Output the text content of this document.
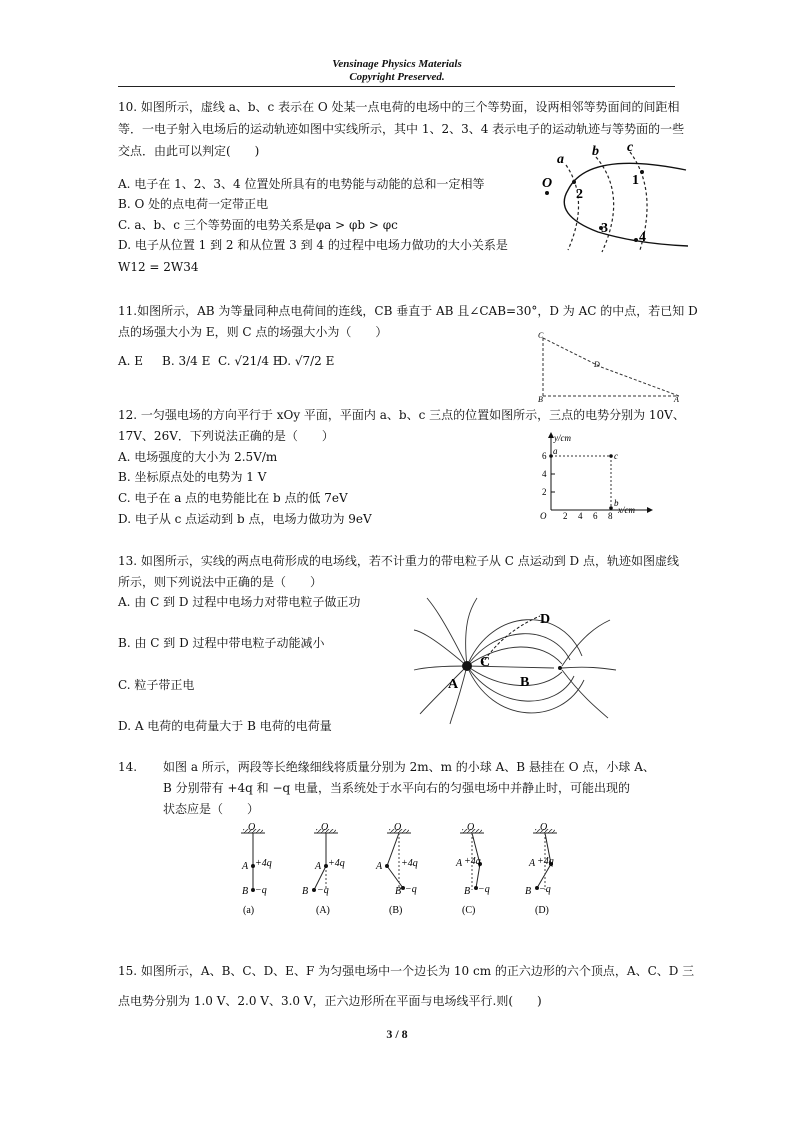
Vensinage Physics Materials
Copyright Preserved.
10. 如图所示，虚线 a、b、c 表示在 O 处某一点电荷的电场中的三个等势面，设两相邻等势面间的间距相
等．一电子射入电场后的运动轨迹如图中实线所示，其中 1、2、3、4 表示电子的运动轨迹与等势面的一些
交点．由此可以判定(　　)
A. 电子在 1、2、3、4 位置处所具有的电势能与动能的总和一定相等
B. O 处的点电荷一定带正电
C. a、b、c 三个等势面的电势关系是φa > φb > φc
D. 电子从位置 1 到 2 和从位置 3 到 4 的过程中电场力做功的大小关系是
W12 = 2W34
a
b c
O
2
1
3
4
11.如图所示，AB 为等量同种点电荷间的连线，CB 垂直于 AB 且∠CAB=30°，D 为 AC 的中点，若已知 D
点的场强大小为 E，则 C 点的场强大小为（　　）
A. E B. 3/4 E C. √21/4 E
D. √7/2 E
C
D
B	A
12. 一匀强电场的方向平行于 xOy 平面，平面内 a、b、c 三点的位置如图所示，三点的电势分别为 10V、
17V、26V．下列说法正确的是（　　）
A. 电场强度的大小为 2.5V/m
B. 坐标原点处的电势为 1 V
C. 电子在 a 点的电势能比在 b 点的低 7eV
D. 电子从 c 点运动到 b 点，电场力做功为 9eV
y/cm
x/cm
O
6
4
2
2 4 6 8
a	c
b
13. 如图所示，实线的两点电荷形成的电场线，若不计重力的带电粒子从 C 点运动到 D 点，轨迹如图虚线
所示，则下列说法中正确的是（　　）
A. 由 C 到 D 过程中电场力对带电粒子做正功
B. 由 C 到 D 过程中带电粒子动能减小
C. 粒子带正电
D. A 电荷的电荷量大于 B 电荷的电荷量
A	B
C
D
14. 如图 a 所示，两段等长绝缘细线将质量分别为 2m、m 的小球 A、B 悬挂在 O 点，小球 A、
B 分别带有 +4q 和 −q 电量，当系统处于水平向右的匀强电场中并静止时，可能出现的
状态应是（　　）
O
A +4q
B −q
(a)
O
A +4q
B −q
(A)
O
A +4q
B −q
(B)
O
A +4q
B −q
(C)
O
A +4q
B −q
(D)
15. 如图所示，A、B、C、D、E、F 为匀强电场中一个边长为 10 cm 的正六边形的六个顶点，A、C、D 三
点电势分别为 1.0 V、2.0 V、3.0 V，正六边形所在平面与电场线平行.则(　　)
3 / 8
